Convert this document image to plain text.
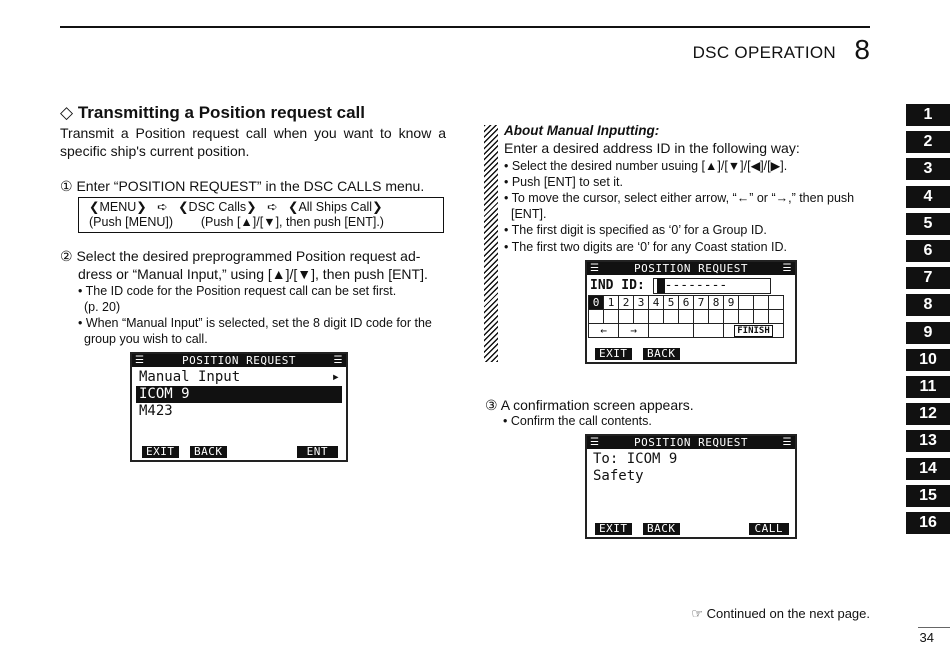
DSC OPERATION 8
◇ Transmitting a Position request call
Transmit a Position request call when you want to know a specific ship's current position.
① Enter “POSITION REQUEST” in the DSC CALLS menu.
❮MENU❯   ➪   ❮DSC Calls❯   ➪   ❮All Ships Call❯
(Push [MENU])        (Push [▲]/[▼], then push [ENT].)
② Select the desired preprogrammed Position request ad-
dress or “Manual Input,” using [▲]/[▼], then push [ENT].
• The ID code for the Position request call can be set first.
(p. 20)
• When “Manual Input” is selected, set the 8 digit ID code for the
group you wish to call.
☰	POSITION REQUEST	☰
Manual Input	▸
ICOM 9
M423
EXIT	BACK	ENT
About Manual Inputting:
Enter a desired address ID in the following way:
• Select the desired number usuing [▲]/[▼]/[◀]/[▶].
• Push [ENT] to set it.
• To move the cursor, select either arrow, “←” or “→,” then push
[ENT].
• The first digit is specified as ‘0’ for a Group ID.
• The first two digits are ‘0’ for any Coast station ID.
☰	POSITION REQUEST	☰
IND ID:	--------
0	1	2	3	4	5	6	7	8	9			

←		→							FINISH			
EXIT	BACK
③ A confirmation screen appears.
• Confirm the call contents.
☰	POSITION REQUEST	☰
To: ICOM 9
Safety
EXIT	BACK	CALL
1
2
3
4
5
6
7
8
9
10
11
12
13
14
15
16
☞ Continued on the next page.
34
